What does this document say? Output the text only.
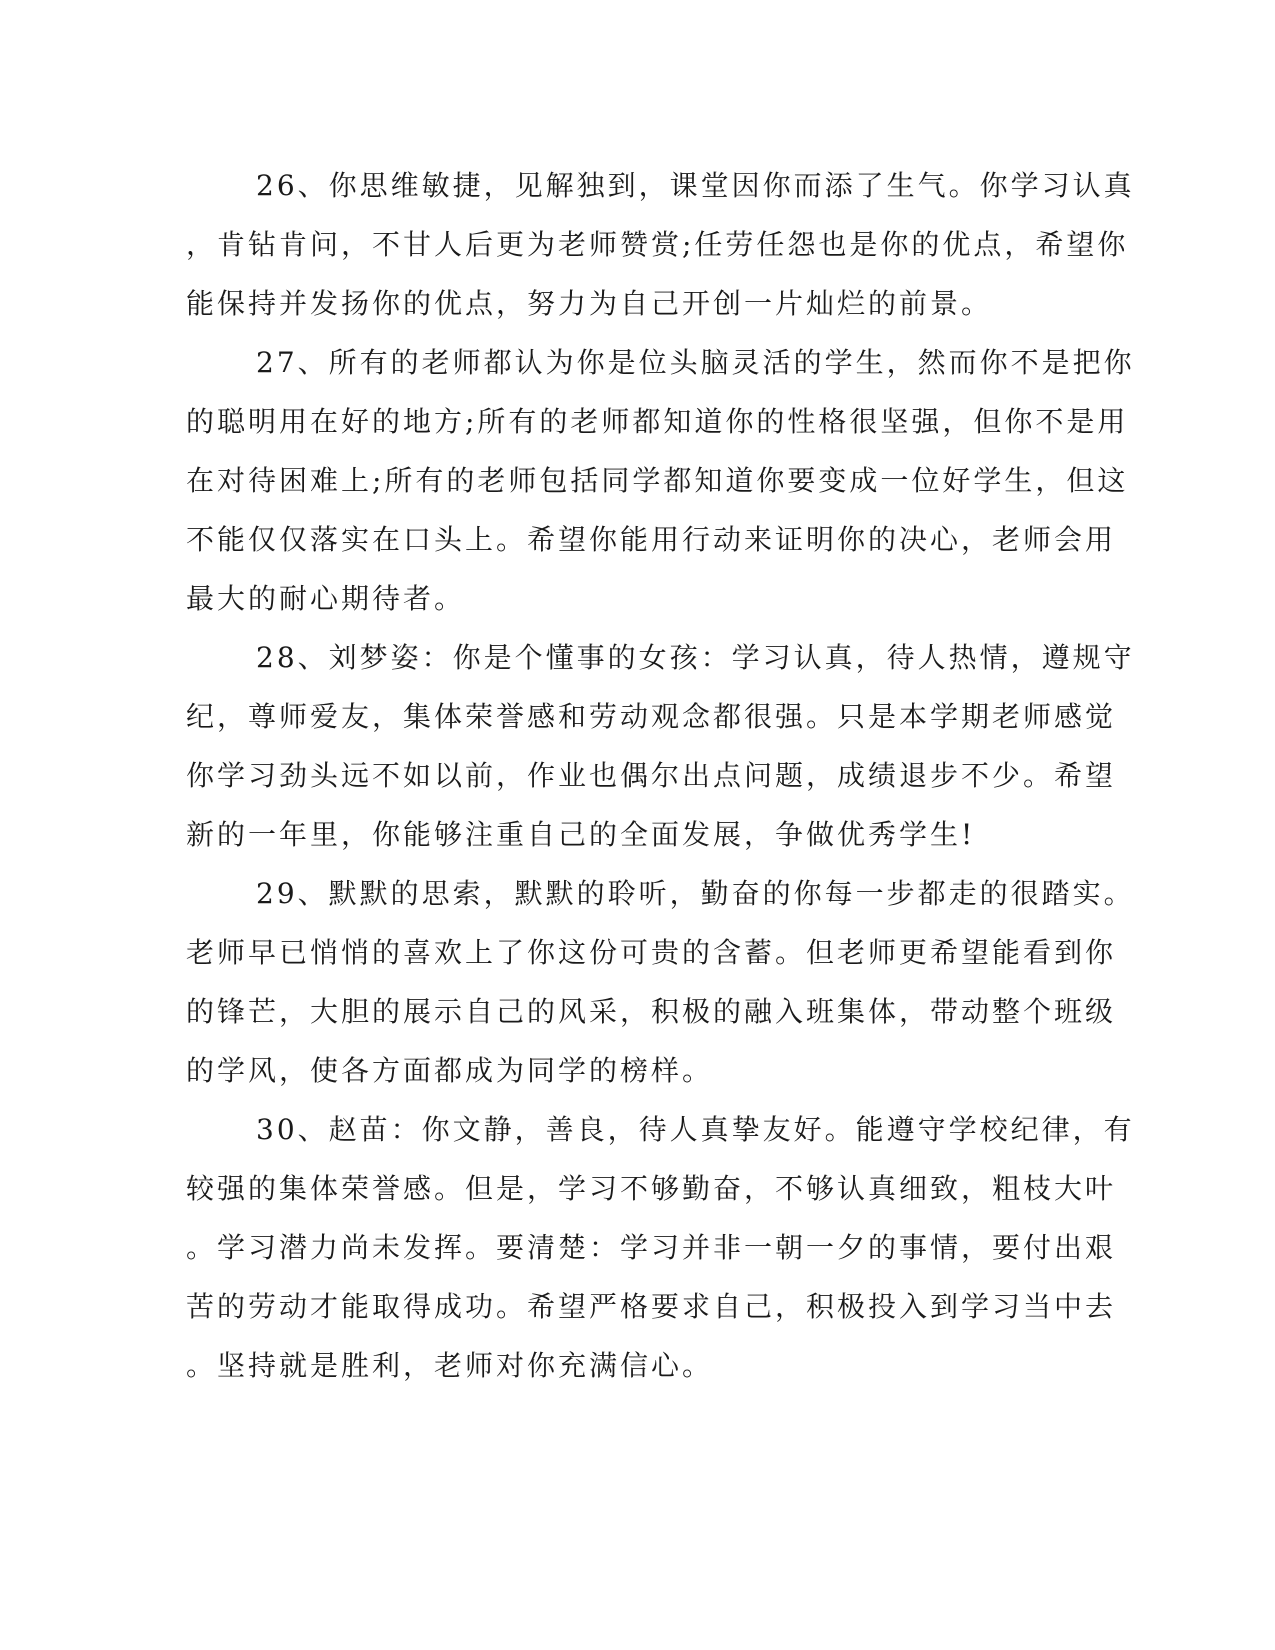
26、你思维敏捷，见解独到，课堂因你而添了生气。你学习认真
，肯钻肯问，不甘人后更为老师赞赏;任劳任怨也是你的优点，希望你
能保持并发扬你的优点，努力为自己开创一片灿烂的前景。
27、所有的老师都认为你是位头脑灵活的学生，然而你不是把你
的聪明用在好的地方;所有的老师都知道你的性格很坚强，但你不是用
在对待困难上;所有的老师包括同学都知道你要变成一位好学生，但这
不能仅仅落实在口头上。希望你能用行动来证明你的决心，老师会用
最大的耐心期待者。
28、刘梦姿：你是个懂事的女孩：学习认真，待人热情，遵规守
纪，尊师爱友，集体荣誉感和劳动观念都很强。只是本学期老师感觉
你学习劲头远不如以前，作业也偶尔出点问题，成绩退步不少。希望
新的一年里，你能够注重自己的全面发展，争做优秀学生!
29、默默的思索，默默的聆听，勤奋的你每一步都走的很踏实。
老师早已悄悄的喜欢上了你这份可贵的含蓄。但老师更希望能看到你
的锋芒，大胆的展示自己的风采，积极的融入班集体，带动整个班级
的学风，使各方面都成为同学的榜样。
30、赵苗：你文静，善良，待人真挚友好。能遵守学校纪律，有
较强的集体荣誉感。但是，学习不够勤奋，不够认真细致，粗枝大叶
。学习潜力尚未发挥。要清楚：学习并非一朝一夕的事情，要付出艰
苦的劳动才能取得成功。希望严格要求自己，积极投入到学习当中去
。坚持就是胜利，老师对你充满信心。
